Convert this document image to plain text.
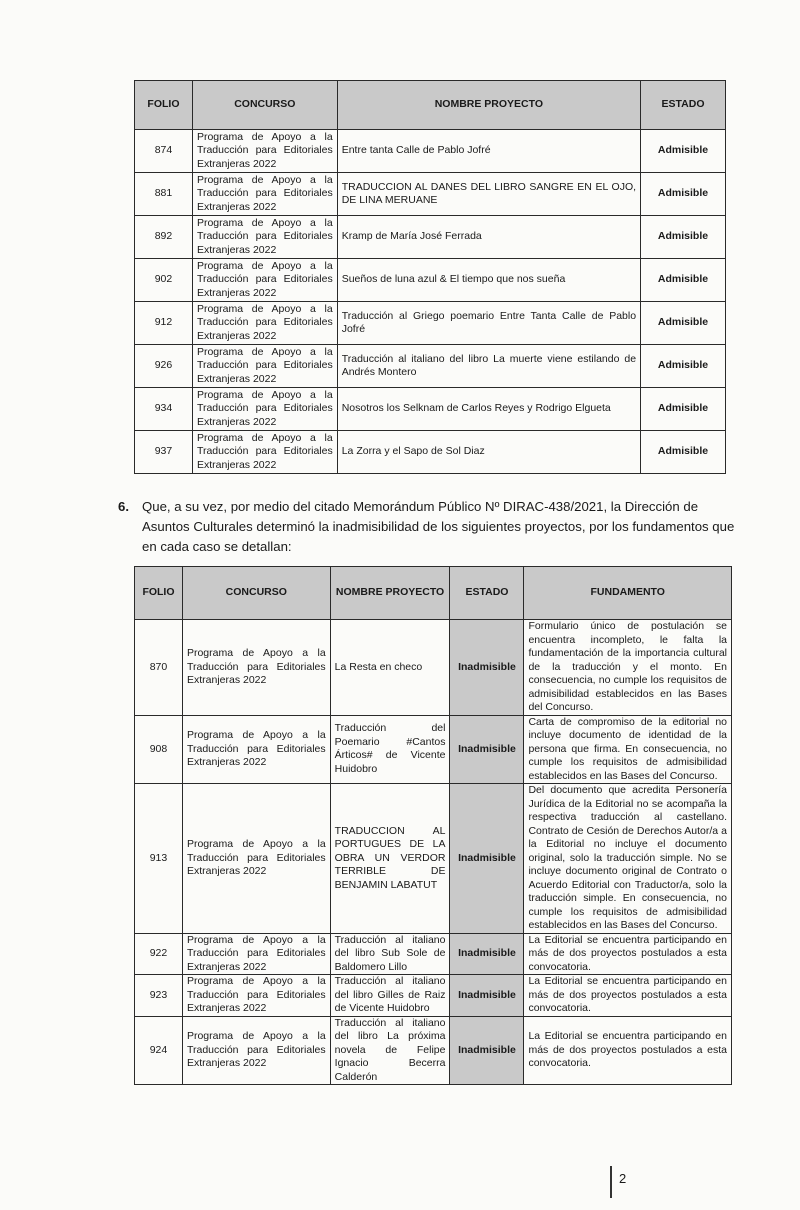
FOLIO	CONCURSO	NOMBRE PROYECTO	ESTADO
874	Programa de Apoyo a la Traducción para Editoriales Extranjeras 2022	Entre tanta Calle de Pablo Jofré	Admisible
881	Programa de Apoyo a la Traducción para Editoriales Extranjeras 2022	TRADUCCION AL DANES DEL LIBRO SANGRE EN EL OJO, DE LINA MERUANE	Admisible
892	Programa de Apoyo a la Traducción para Editoriales Extranjeras 2022	Kramp de María José Ferrada	Admisible
902	Programa de Apoyo a la Traducción para Editoriales Extranjeras 2022	Sueños de luna azul & El tiempo que nos sueña	Admisible
912	Programa de Apoyo a la Traducción para Editoriales Extranjeras 2022	Traducción al Griego poemario Entre Tanta Calle de Pablo Jofré	Admisible
926	Programa de Apoyo a la Traducción para Editoriales Extranjeras 2022	Traducción al italiano del libro La muerte viene estilando de Andrés Montero	Admisible
934	Programa de Apoyo a la Traducción para Editoriales Extranjeras 2022	Nosotros los Selknam de Carlos Reyes y Rodrigo Elgueta	Admisible
937	Programa de Apoyo a la Traducción para Editoriales Extranjeras 2022	La Zorra y el Sapo de Sol Diaz	Admisible
6. Que, a su vez, por medio del citado Memorándum Público Nº DIRAC-438/2021, la Dirección de Asuntos Culturales determinó la inadmisibilidad de los siguientes proyectos, por los fundamentos que en cada caso se detallan:
FOLIO	CONCURSO	NOMBRE PROYECTO	ESTADO	FUNDAMENTO
870	Programa de Apoyo a la Traducción para Editoriales Extranjeras 2022	La Resta en checo	Inadmisible	Formulario único de postulación se encuentra incompleto, le falta la fundamentación de la importancia cultural de la traducción y el monto. En consecuencia, no cumple los requisitos de admisibilidad establecidos en las Bases del Concurso.
908	Programa de Apoyo a la Traducción para Editoriales Extranjeras 2022	Traducción del Poemario #Cantos Árticos# de Vicente Huidobro	Inadmisible	Carta de compromiso de la editorial no incluye documento de identidad de la persona que firma. En consecuencia, no cumple los requisitos de admisibilidad establecidos en las Bases del Concurso.
913	Programa de Apoyo a la Traducción para Editoriales Extranjeras 2022	TRADUCCION AL PORTUGUES DE LA OBRA UN VERDOR TERRIBLE DE BENJAMIN LABATUT	Inadmisible	Del documento que acredita Personería Jurídica de la Editorial no se acompaña la respectiva traducción al castellano. Contrato de Cesión de Derechos Autor/a a la Editorial no incluye el documento original, solo la traducción simple. No se incluye documento original de Contrato o Acuerdo Editorial con Traductor/a, solo la traducción simple. En consecuencia, no cumple los requisitos de admisibilidad establecidos en las Bases del Concurso.
922	Programa de Apoyo a la Traducción para Editoriales Extranjeras 2022	Traducción al italiano del libro Sub Sole de Baldomero Lillo	Inadmisible	La Editorial se encuentra participando en más de dos proyectos postulados a esta convocatoria.
923	Programa de Apoyo a la Traducción para Editoriales Extranjeras 2022	Traducción al italiano del libro Gilles de Raiz de Vicente Huidobro	Inadmisible	La Editorial se encuentra participando en más de dos proyectos postulados a esta convocatoria.
924	Programa de Apoyo a la Traducción para Editoriales Extranjeras 2022	Traducción al italiano del libro La próxima novela de Felipe Ignacio Becerra Calderón	Inadmisible	La Editorial se encuentra participando en más de dos proyectos postulados a esta convocatoria.
2
